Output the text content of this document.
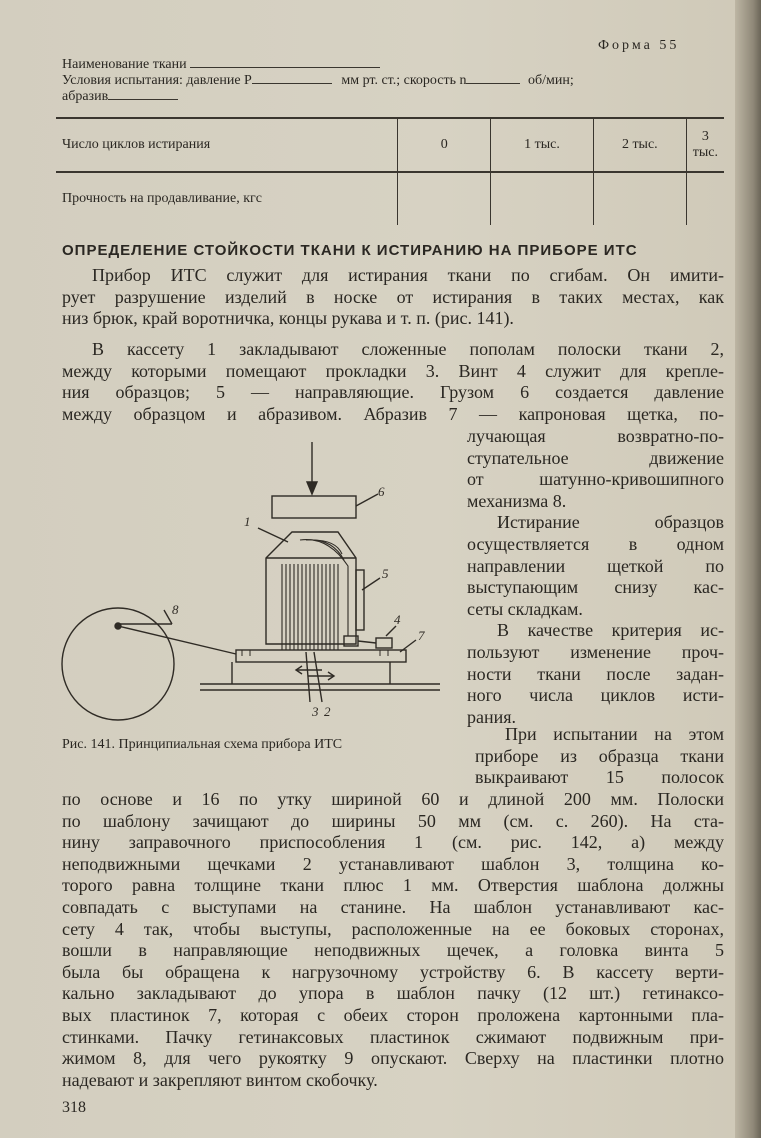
Форма 55
Наименование ткани
Условия испытания: давление P	мм рт. ст.; скорость n	об/мин;
абразив
Число циклов истирания	0	1 тыс.	2 тыс.	3 тыс.
Прочность на продавливание, кгс				
ОПРЕДЕЛЕНИЕ СТОЙКОСТИ ТКАНИ К ИСТИРАНИЮ НА ПРИБОРЕ ИТС
Прибор ИТС служит для истирания ткани по сгибам. Он имити-
рует разрушение изделий в носке от истирания в таких местах, как
низ брюк, край воротничка, концы рукава и т. п. (рис. 141).
В кассету 1 закладывают сложенные пополам полоски ткани 2,
между которыми помещают прокладки 3. Винт 4 служит для крепле-
ния образцов; 5 — направляющие. Грузом 6 создается давление
между образцом и абразивом. Абразив 7 — капроновая щетка, по-
лучающая возвратно-по-
ступательное движение
от шатунно-кривошипного
механизма 8.
Истирание образцов
осуществляется в одном
направлении щеткой по
выступающим снизу кас-
сеты складкам.
В качестве критерия ис-
пользуют изменение проч-
ности ткани после задан-
ного числа циклов исти-
рания.
При испытании на этом
приборе из образца ткани
выкраивают 15 полосок
1
2
3
4
5
6
7
8
Рис. 141. Принципиальная схема прибора ИТС
по основе и 16 по утку шириной 60 и длиной 200 мм. Полоски
по шаблону зачищают до ширины 50 мм (см. с. 260). На ста-
нину заправочного приспособления 1 (см. рис. 142, а) между
неподвижными щечками 2 устанавливают шаблон 3, толщина ко-
торого равна толщине ткани плюс 1 мм. Отверстия шаблона должны
совпадать с выступами на станине. На шаблон устанавливают кас-
сету 4 так, чтобы выступы, расположенные на ее боковых сторонах,
вошли в направляющие неподвижных щечек, а головка винта 5
была бы обращена к нагрузочному устройству 6. В кассету верти-
кально закладывают до упора в шаблон пачку (12 шт.) гетинаксо-
вых пластинок 7, которая с обеих сторон проложена картонными пла-
стинками. Пачку гетинаксовых пластинок сжимают подвижным при-
жимом 8, для чего рукоятку 9 опускают. Сверху на пластинки плотно
надевают и закрепляют винтом скобочку.
318
